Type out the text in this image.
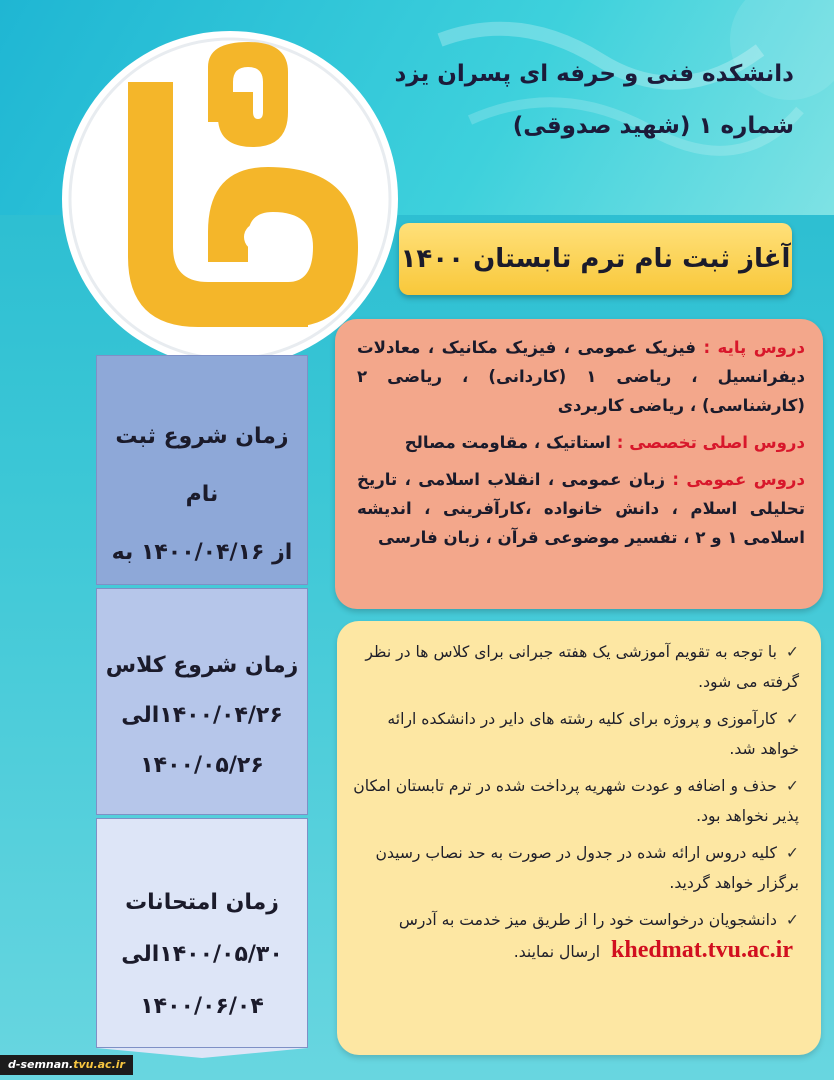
دانشکده فنی و حرفه ای پسران یزد
شماره ۱ (شهید صدوقی)
آغاز ثبت نام ترم تابستان ۱۴۰۰

دروس پایه : فیزیک عمومی ، فیزیک مکانیک ، معادلات دیفرانسیل ، ریاضی ۱ (کاردانی) ، ریاضی ۲ (کارشناسی) ، ریاضی کاربردی

دروس اصلی تخصصی : استاتیک ، مقاومت مصالح

دروس عمومی : زبان عمومی ، انقلاب اسلامی ، تاریخ تحلیلی اسلام ، دانش خانواده ،کارآفرینی ، اندیشه اسلامی ۱ و ۲ ، تفسیر موضوعی قرآن ، زبان فارسی

✓ با توجه به تقویم آموزشی یک هفته جبرانی برای کلاس ها در نظر گرفته می شود.
✓ کارآموزی و پروژه برای کلیه رشته های دایر در دانشکده ارائه خواهد شد.
✓ حذف و اضافه و عودت شهریه پرداخت شده در ترم تابستان امکان پذیر نخواهد بود.
✓ کلیه دروس ارائه شده در جدول در صورت به حد نصاب رسیدن برگزار خواهد گردید.
✓ دانشجویان درخواست خود را از طریق میز خدمت به آدرس khedmat.tvu.ac.ir ارسال نمایند.
زمان شروع ثبت نام
از ۱۴۰۰/۰۴/۱۶ به
زمان شروع کلاس
۱۴۰۰/۰۴/۲۶الی
۱۴۰۰/۰۵/۲۶
زمان امتحانات
۱۴۰۰/۰۵/۳۰الی
۱۴۰۰/۰۶/۰۴
d-semnan.tvu.ac.ir
